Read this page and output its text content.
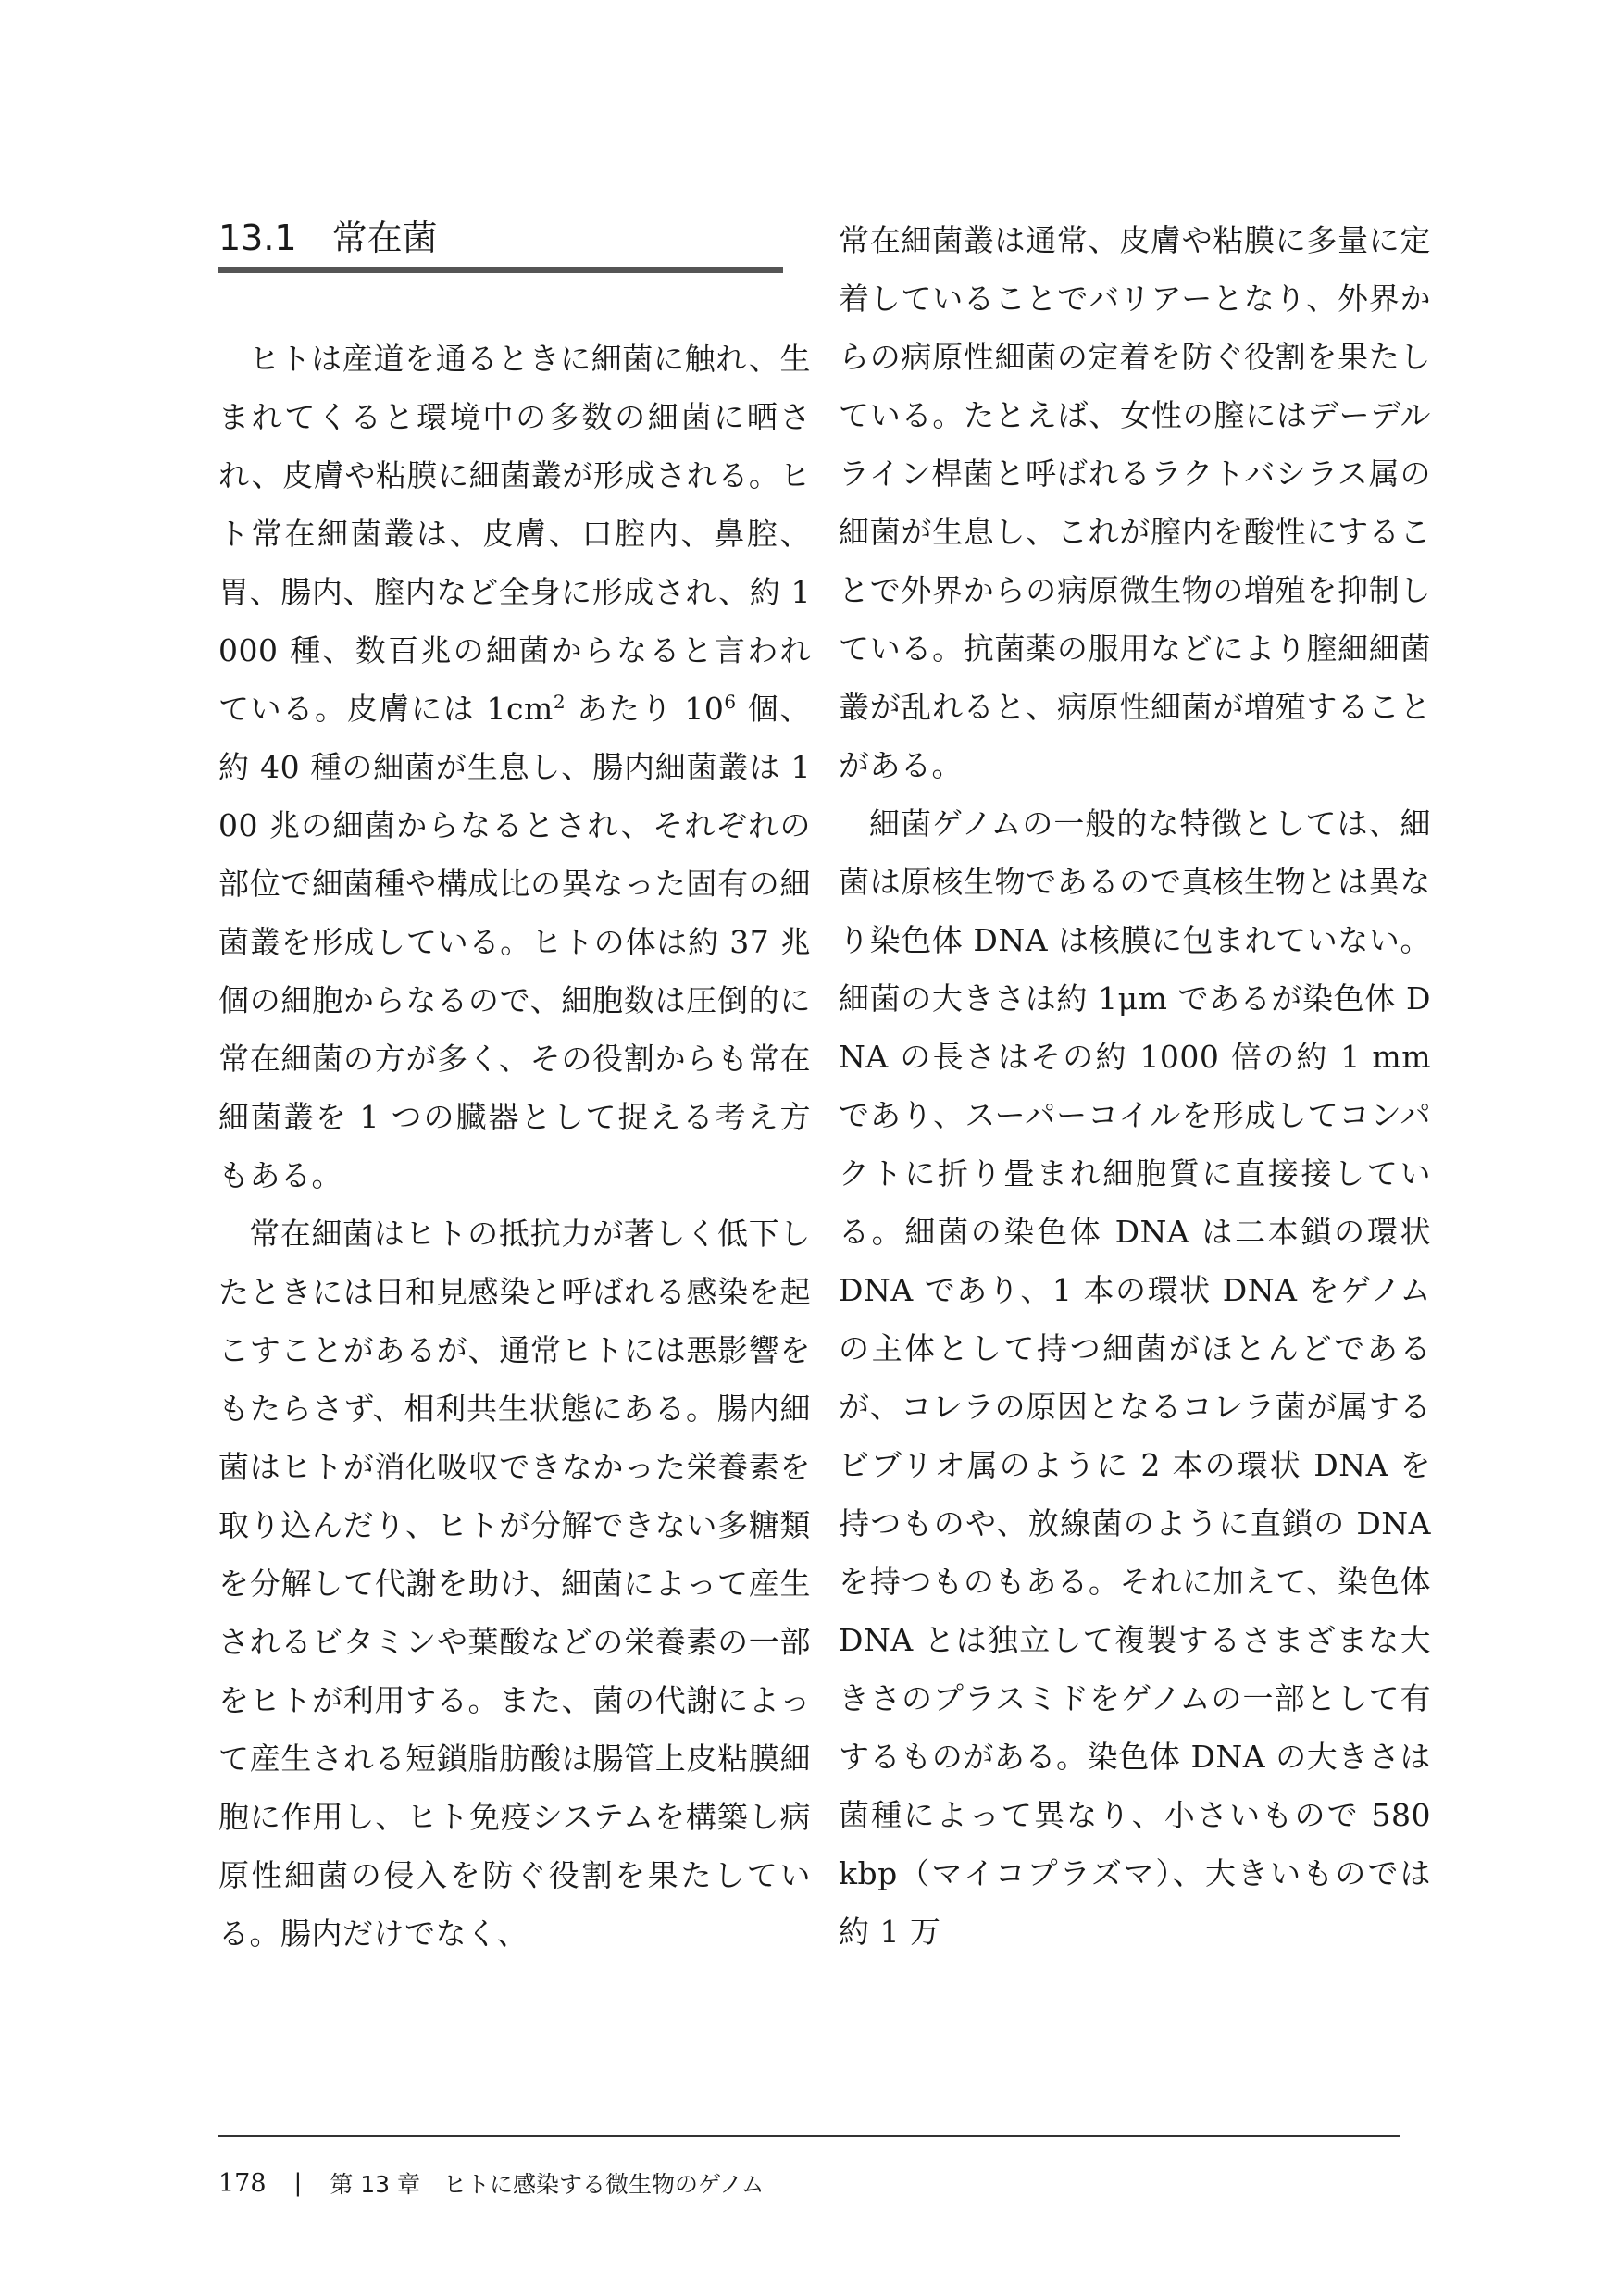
13.1 常在菌

ヒトは産道を通るときに細菌に触れ、生まれてくると環境中の多数の細菌に晒され、皮膚や粘膜に細菌叢が形成される。ヒト常在細菌叢は、皮膚、口腔内、鼻腔、胃、腸内、膣内など全身に形成され、約 1000 種、数百兆の細菌からなると言われている。皮膚には $1cm^2$ あたり $10^6$ 個、約 40 種の細菌が生息し、腸内細菌叢は 100 兆の細菌からなるとされ、それぞれの部位で細菌種や構成比の異なった固有の細菌叢を形成している。ヒトの体は約 37 兆個の細胞からなるので、細胞数は圧倒的に常在細菌の方が多く、その役割からも常在細菌叢を 1 つの臓器として捉える考え方もある。

常在細菌はヒトの抵抗力が著しく低下したときには日和見感染と呼ばれる感染を起こすことがあるが、通常ヒトには悪影響をもたらさず、相利共生状態にある。腸内細菌はヒトが消化吸収できなかった栄養素を取り込んだり、ヒトが分解できない多糖類を分解して代謝を助け、細菌によって産生されるビタミンや葉酸などの栄養素の一部をヒトが利用する。また、菌の代謝によって産生される短鎖脂肪酸は腸管上皮粘膜細胞に作用し、ヒト免疫システムを構築し病原性細菌の侵入を防ぐ役割を果たしている。腸内だけでなく、

常在細菌叢は通常、皮膚や粘膜に多量に定着していることでバリアーとなり、外界からの病原性細菌の定着を防ぐ役割を果たしている。たとえば、女性の膣にはデーデルライン桿菌と呼ばれるラクトバシラス属の細菌が生息し、これが膣内を酸性にすることで外界からの病原微生物の増殖を抑制している。抗菌薬の服用などにより膣細細菌叢が乱れると、病原性細菌が増殖することがある。

細菌ゲノムの一般的な特徴としては、細菌は原核生物であるので真核生物とは異なり染色体 DNA は核膜に包まれていない。細菌の大きさは約 1μm であるが染色体 DNA の長さはその約 1000 倍の約 1 mm であり、スーパーコイルを形成してコンパクトに折り畳まれ細胞質に直接接している。細菌の染色体 DNA は二本鎖の環状 DNA であり、1 本の環状 DNA をゲノムの主体として持つ細菌がほとんどであるが、コレラの原因となるコレラ菌が属するビブリオ属のように 2 本の環状 DNA を持つものや、放線菌のように直鎖の DNA を持つものもある。それに加えて、染色体 DNA とは独立して複製するさまざまな大きさのプラスミドをゲノムの一部として有するものがある。染色体 DNA の大きさは菌種によって異なり、小さいもので 580 kbp（マイコプラズマ）、大きいものでは約 1 万

178 | 第 13 章　ヒトに感染する微生物のゲノム
